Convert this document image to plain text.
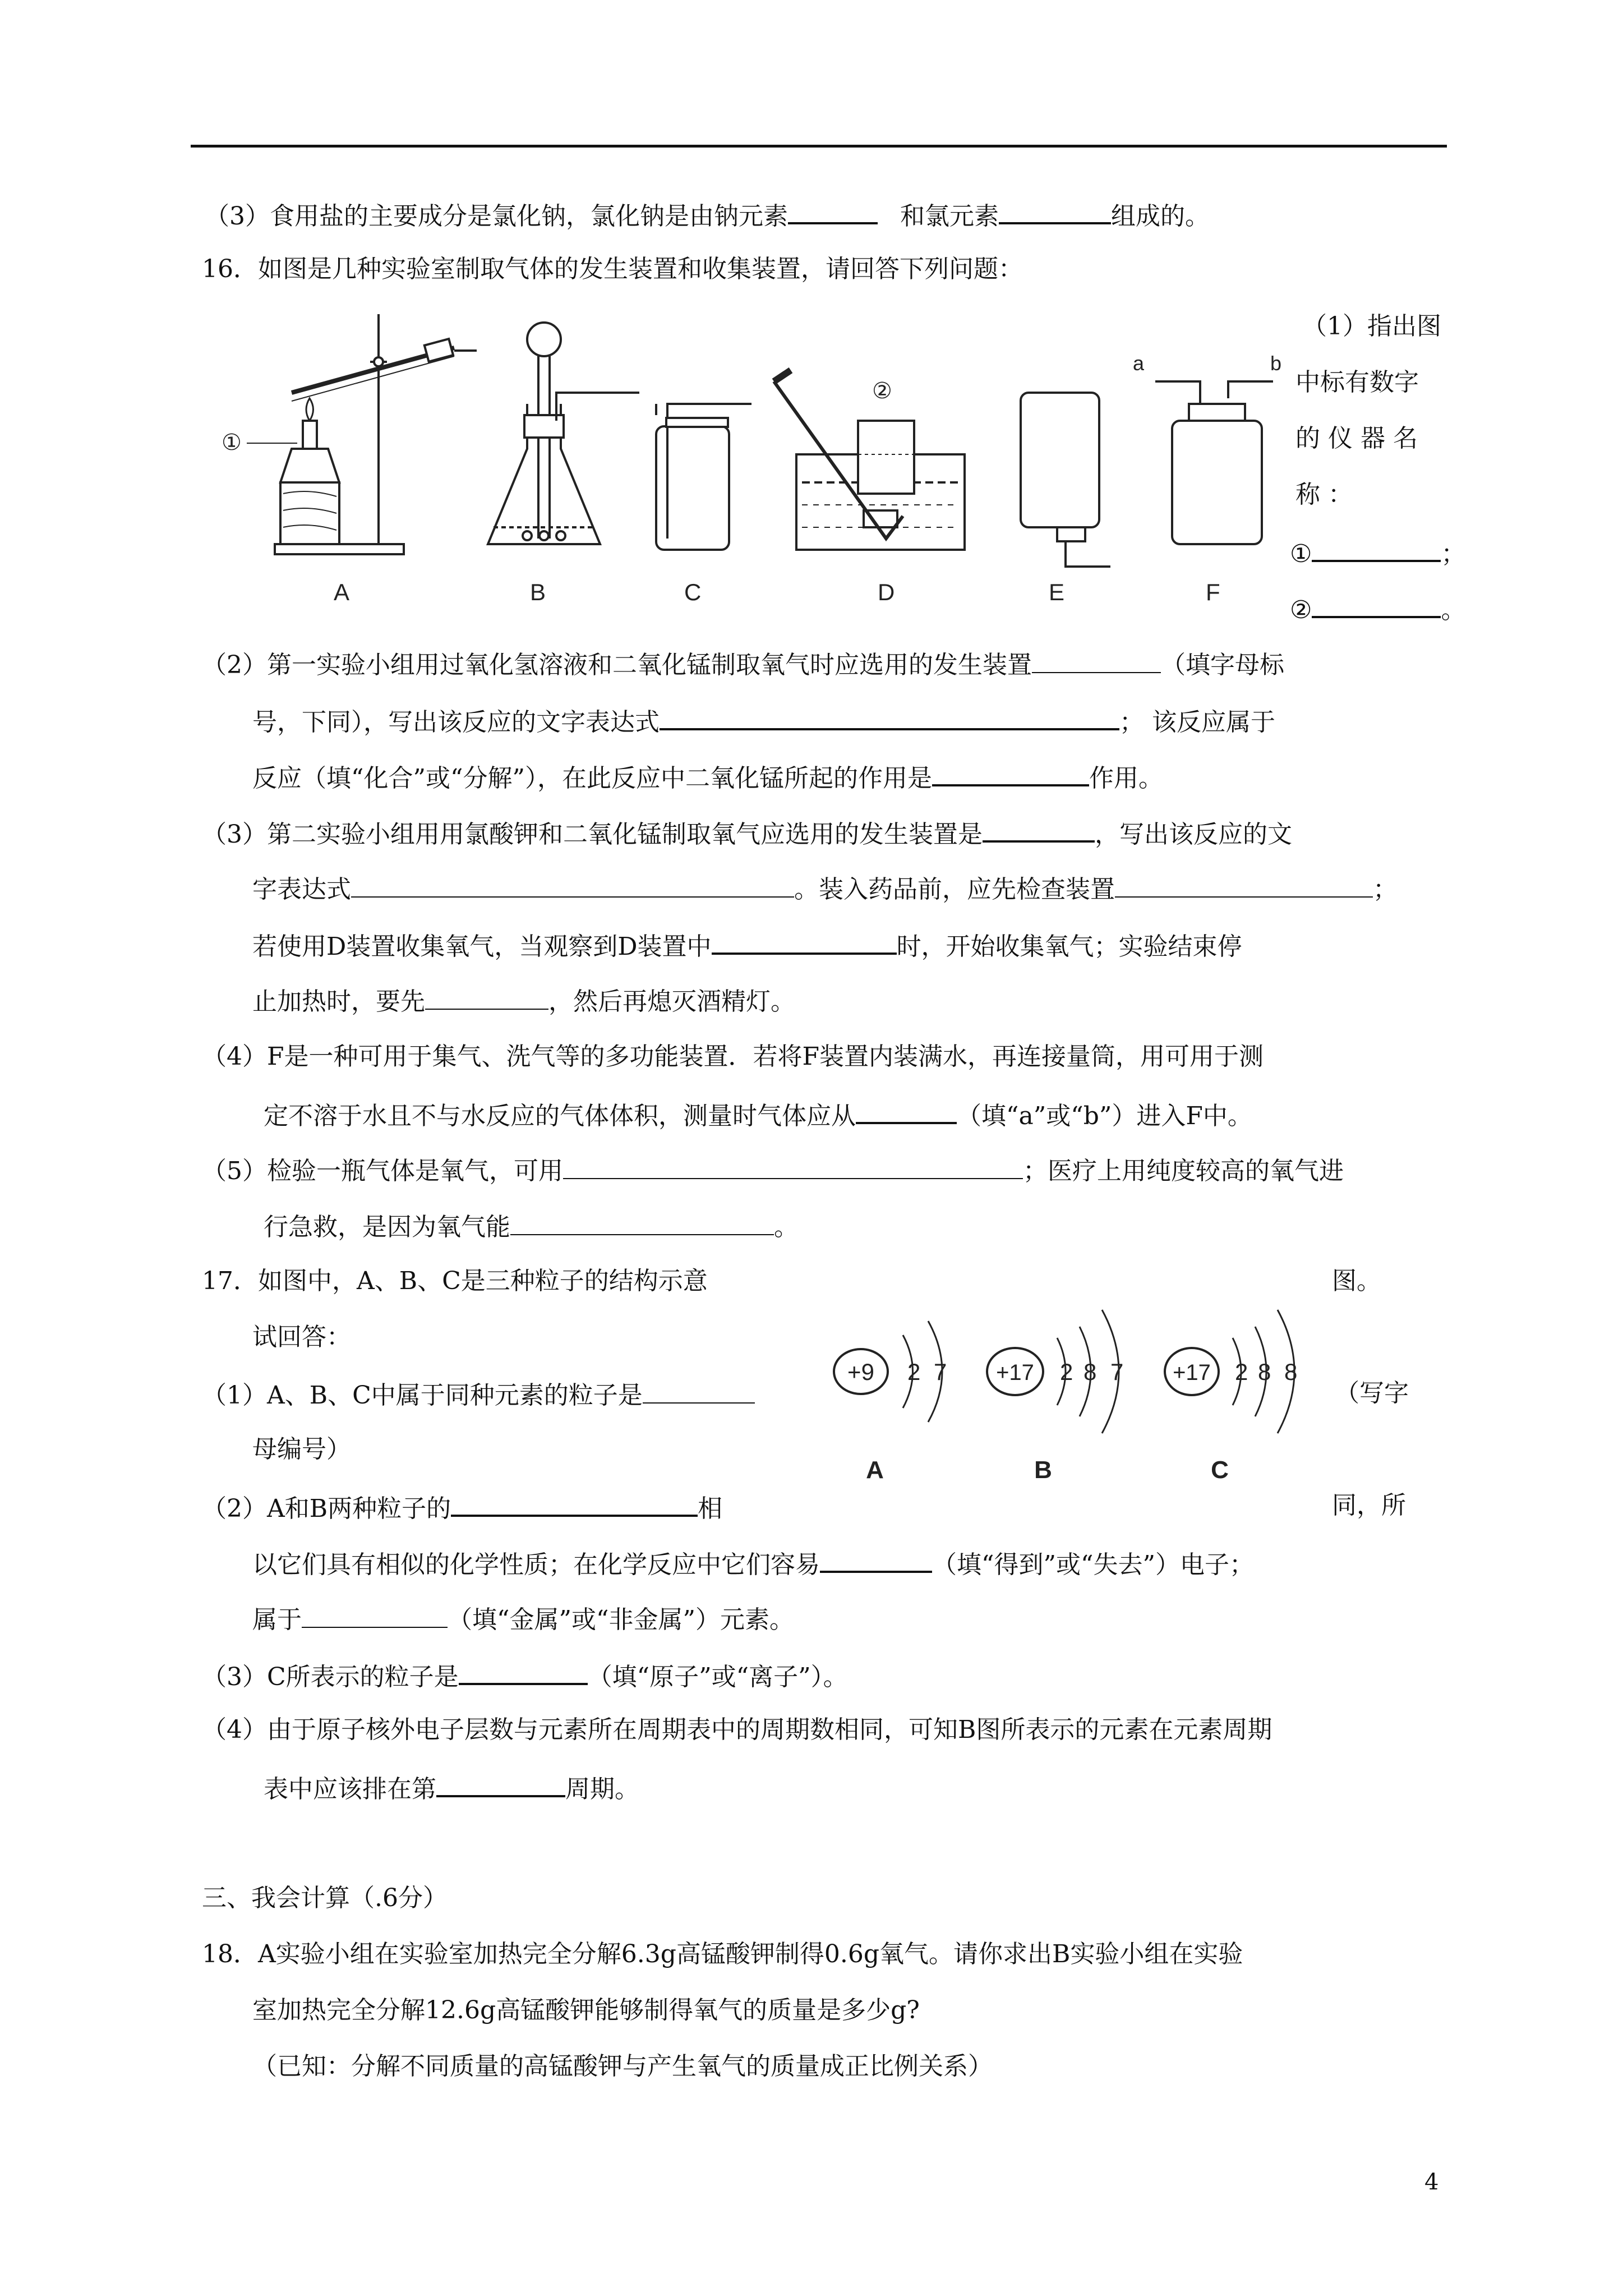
（3）食用盐的主要成分是氯化钠，氯化钠是由钠元素	和氯元素	组成的。
16．如图是几种实验室制取气体的发生装置和收集装置，请回答下列问题：
（1）指出图
中标有数字
的 仪 器 名
称 ：
①	；
②	。
①
②
a	b
A	B	C	D	E	F
（2）第一实验小组用过氧化氢溶液和二氧化锰制取氧气时应选用的发生装置	（填字母标
号，下同），写出该反应的文字表达式	； 该反应属于
反应（填“化合”或“分解”），在此反应中二氧化锰所起的作用是	作用。
（3）第二实验小组用用氯酸钾和二氧化锰制取氧气应选用的发生装置是	，写出该反应的文
字表达式	。装入药品前，应先检查装置	；
若使用D装置收集氧气，当观察到D装置中	时，开始收集氧气；实验结束停
止加热时，要先	，然后再熄灭酒精灯。
（4）F是一种可用于集气、洗气等的多功能装置．若将F装置内装满水，再连接量筒，用可用于测
定不溶于水且不与水反应的气体体积，测量时气体应从	（填“a”或“b”）进入F中。
（5）检验一瓶气体是氧气，可用	；医疗上用纯度较高的氧气进
行急救，是因为氧气能	。
17．如图中，A、B、C是三种粒子的结构示意	图。
试回答：
（1）A、B、C中属于同种元素的粒子是	（写字
母编号）
+9 2 7
A
+17 2 8 7
B
+17 2 8 8
C
（2）A和B两种粒子的	相	同，所
以它们具有相似的化学性质；在化学反应中它们容易	（填“得到”或“失去”）电子；
属于	（填“金属”或“非金属”）元素。
（3）C所表示的粒子是	（填“原子”或“离子”）。
（4）由于原子核外电子层数与元素所在周期表中的周期数相同，可知B图所表示的元素在元素周期
表中应该排在第	周期。
三、我会计算（.6分）
18．A实验小组在实验室加热完全分解6.3g高锰酸钾制得0.6g氧气。请你求出B实验小组在实验
室加热完全分解12.6g高锰酸钾能够制得氧气的质量是多少g?
（已知：分解不同质量的高锰酸钾与产生氧气的质量成正比例关系）
4
